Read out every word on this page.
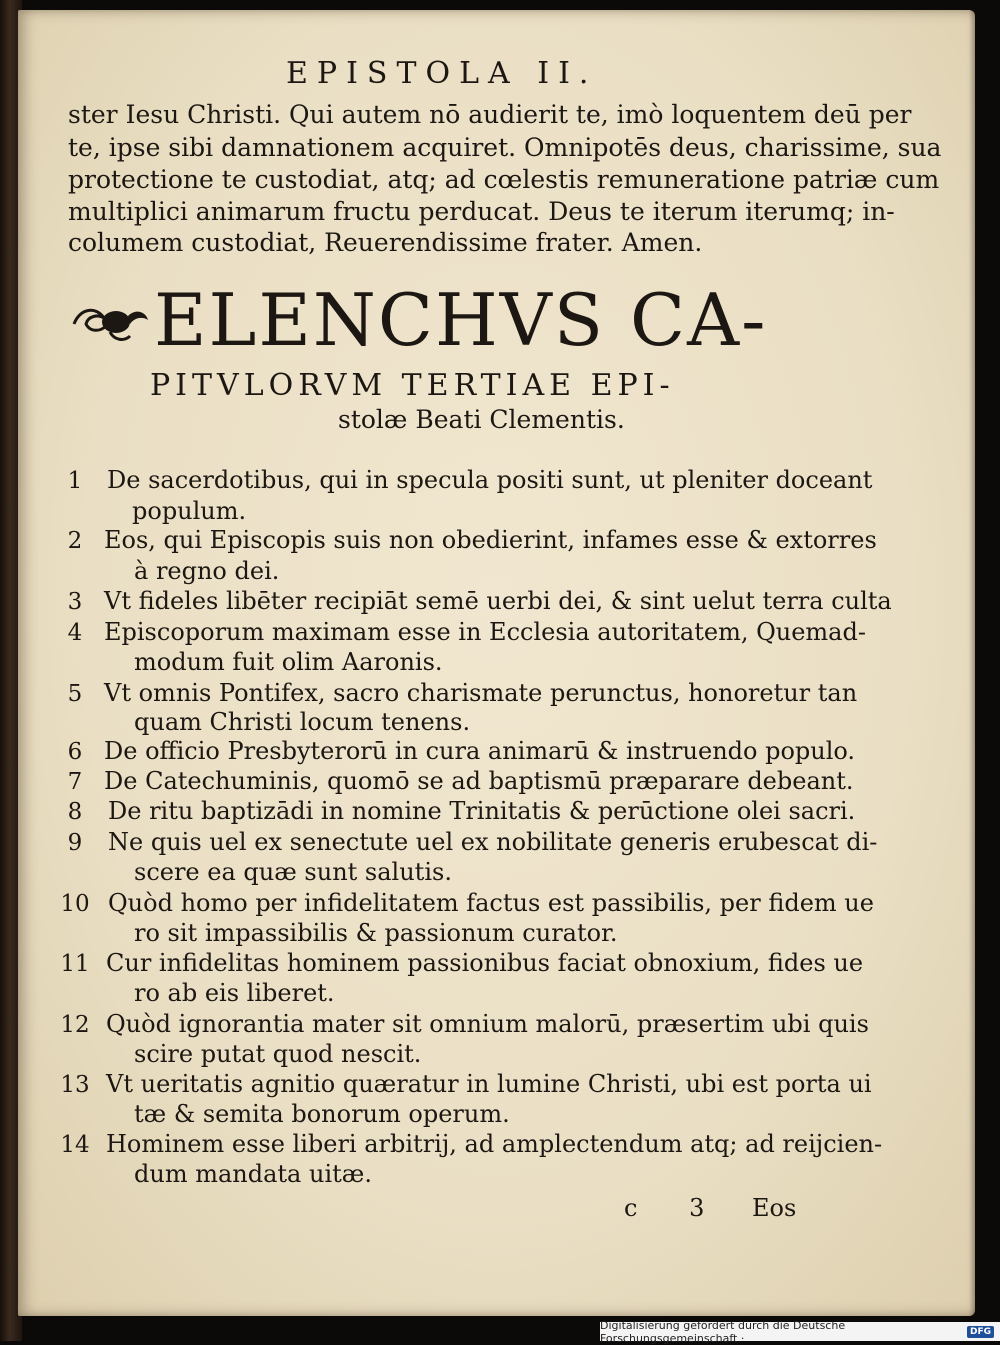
EPISTOLA II.
ster Iesu Christi. Qui autem nō audierit te, imò loquentem deū per
te, ipse sibi damnationem acquiret. Omnipotēs deus, charissime, sua
protectione te custodiat, atq; ad cœlestis remuneratione patriæ cum
multiplici animarum fructu perducat. Deus te iterum iterumq; in-
columem custodiat, Reuerendissime frater. Amen.
ELENCHVS CA-
PITVLORVM TERTIAE EPI-
stolæ Beati Clementis.
1	De sacerdotibus, qui in specula positi sunt, ut pleniter doceant
populum.
2 Eos, qui Episcopis suis non obedierint, infames esse & extorres
à regno dei.
3 Vt fideles libēter recipiāt semē uerbi dei, & sint uelut terra culta
4 Episcoporum maximam esse in Ecclesia autoritatem, Quemad-
modum fuit olim Aaronis.
5 Vt omnis Pontifex, sacro charismate perunctus, honoretur tan
quam Christi locum tenens.
6 De officio Presbyterorū in cura animarū & instruendo populo.
7 De Catechuminis, quomō se ad baptismū præparare debeant.
8	De ritu baptizādi in nomine Trinitatis & perūctione olei sacri.
9	Ne quis uel ex senectute uel ex nobilitate generis erubescat di-
scere ea quæ sunt salutis.
10 Quòd homo per infidelitatem factus est passibilis, per fidem ue
ro sit impassibilis & passionum curator.
11 Cur infidelitas hominem passionibus faciat obnoxium, fides ue
ro ab eis liberet.
12 Quòd ignorantia mater sit omnium malorū, præsertim ubi quis
scire putat quod nescit.
13 Vt ueritatis agnitio quæratur in lumine Christi, ubi est porta ui
tæ & semita bonorum operum.
14 Hominem esse liberi arbitrij, ad amplectendum atq; ad reijcien-
dum mandata uitæ.
c 3 Eos
Digitalisierung gefördert durch die Deutsche Forschungsgemeinschaft ·	DFG
